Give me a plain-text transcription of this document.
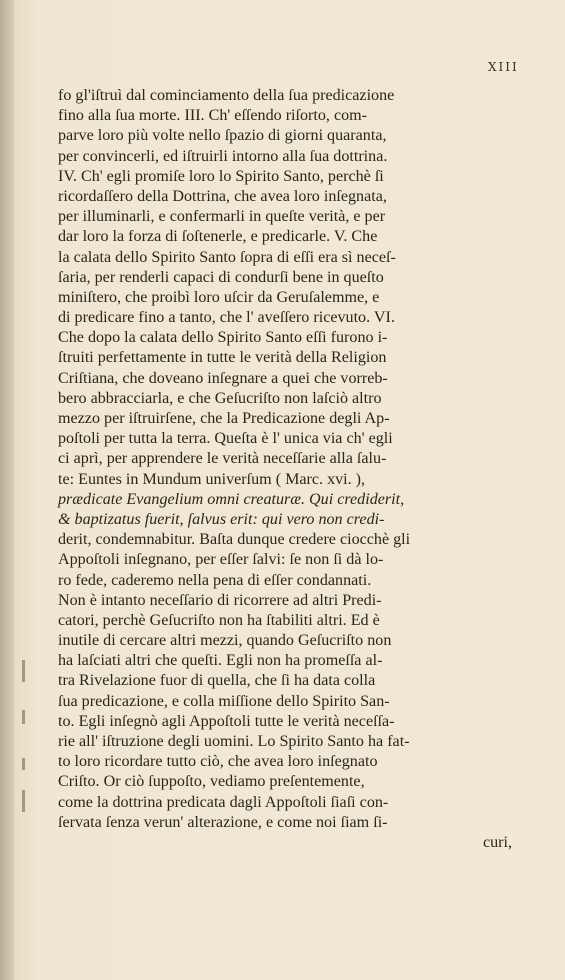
XIII
fo gl'iſtruì dal cominciamento della ſua predicazione
fino alla ſua morte. III. Ch' eſſendo riſorto, com-
parve loro più volte nello ſpazio di giorni quaranta,
per convincerli, ed iſtruirli intorno alla ſua dottrina.
IV. Ch' egli promiſe loro lo Spirito Santo, perchè ſi
ricordaſſero della Dottrina, che avea loro inſegnata,
per illuminarli, e confermarli in queſte verità, e per
dar loro la forza di ſoſtenerle, e predicarle. V. Che
la calata dello Spirito Santo ſopra di eſſi era sì neceſ-
ſaria, per renderli capaci di condurſi bene in queſto
miniſtero, che proibì loro uſcir da Geruſalemme, e
di predicare fino a tanto, che l' aveſſero ricevuto. VI.
Che dopo la calata dello Spirito Santo eſſi furono i-
ſtruiti perfettamente in tutte le verità della Religion
Criſtiana, che doveano inſegnare a quei che vorreb-
bero abbracciarla, e che Geſucriſto non laſciò altro
mezzo per iſtruirſene, che la Predicazione degli Ap-
poſtoli per tutta la terra. Queſta è l' unica via ch' egli
ci aprì, per apprendere le verità neceſſarie alla ſalu-
te: Euntes in Mundum univerſum ( Marc. xvi. ),
prædicate Evangelium omni creaturæ. Qui crediderit,
& baptizatus fuerit, ſalvus erit: qui vero non credi-
derit, condemnabitur. Baſta dunque credere ciocchè gli
Appoſtoli inſegnano, per eſſer ſalvi: ſe non ſi dà lo-
ro fede, caderemo nella pena di eſſer condannati.
Non è intanto neceſſario di ricorrere ad altri Predi-
catori, perchè Geſucriſto non ha ſtabiliti altri. Ed è
inutile di cercare altri mezzi, quando Geſucriſto non
ha laſciati altri che queſti. Egli non ha promeſſa al-
tra Rivelazione fuor di quella, che ſi ha data colla
ſua predicazione, e colla miſſione dello Spirito San-
to. Egli inſegnò agli Appoſtoli tutte le verità neceſſa-
rie all' iſtruzione degli uomini. Lo Spirito Santo ha fat-
to loro ricordare tutto ciò, che avea loro inſegnato
Criſto. Or ciò ſuppoſto, vediamo preſentemente,
come la dottrina predicata dagli Appoſtoli ſiaſi con-
ſervata ſenza verun' alterazione, e come noi ſiam ſi-
curi,
